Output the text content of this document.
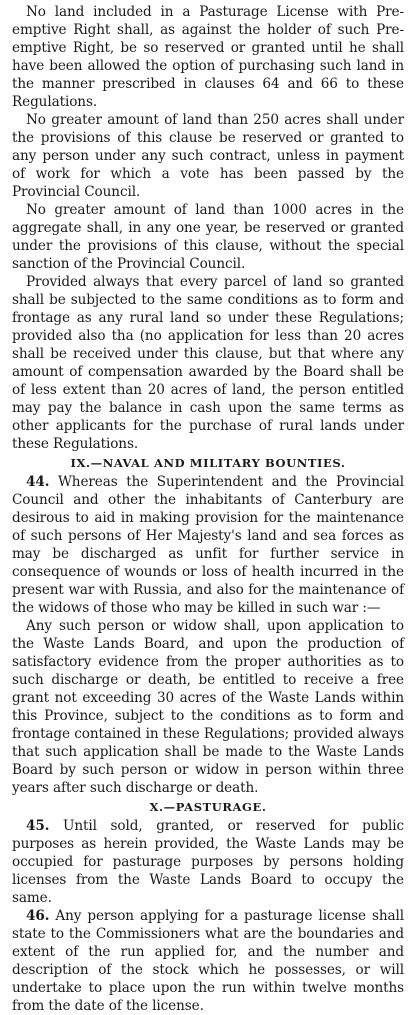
No land included in a Pasturage License with Pre-emptive Right shall, as against the holder of such Pre-emptive Right, be so reserved or granted until he shall have been allowed the option of purchasing such land in the manner prescribed in clauses 64 and 66 to these Regulations.

No greater amount of land than 250 acres shall under the provisions of this clause be reserved or granted to any person under any such contract, unless in payment of work for which a vote has been passed by the Provincial Council.

No greater amount of land than 1000 acres in the aggregate shall, in any one year, be reserved or granted under the provisions of this clause, without the special sanction of the Provincial Council.

Provided always that every parcel of land so granted shall be subjected to the same conditions as to form and frontage as any rural land so under these Regulations; provided also tha (no application for less than 20 acres shall be received under this clause, but that where any amount of compensation awarded by the Board shall be of less extent than 20 acres of land, the person entitled may pay the balance in cash upon the same terms as other applicants for the purchase of rural lands under these Regulations.

IX.—NAVAL AND MILITARY BOUNTIES.

44. Whereas the Superintendent and the Provincial Council and other the inhabitants of Canterbury are desirous to aid in making provision for the maintenance of such persons of Her Majesty's land and sea forces as may be discharged as unfit for further service in consequence of wounds or loss of health incurred in the present war with Russia, and also for the maintenance of the widows of those who may be killed in such war :—

Any such person or widow shall, upon application to the Waste Lands Board, and upon the production of satisfactory evidence from the proper authorities as to such discharge or death, be entitled to receive a free grant not exceeding 30 acres of the Waste Lands within this Province, subject to the conditions as to form and frontage contained in these Regulations; provided always that such application shall be made to the Waste Lands Board by such person or widow in person within three years after such discharge or death.

X.—PASTURAGE.

45. Until sold, granted, or reserved for public purposes as herein provided, the Waste Lands may be occupied for pasturage purposes by persons holding licenses from the Waste Lands Board to occupy the same.

46. Any person applying for a pasturage license shall state to the Commissioners what are the boundaries and extent of the run applied for, and the number and description of the stock which he possesses, or will undertake to place upon the run within twelve months from the date of the license.
